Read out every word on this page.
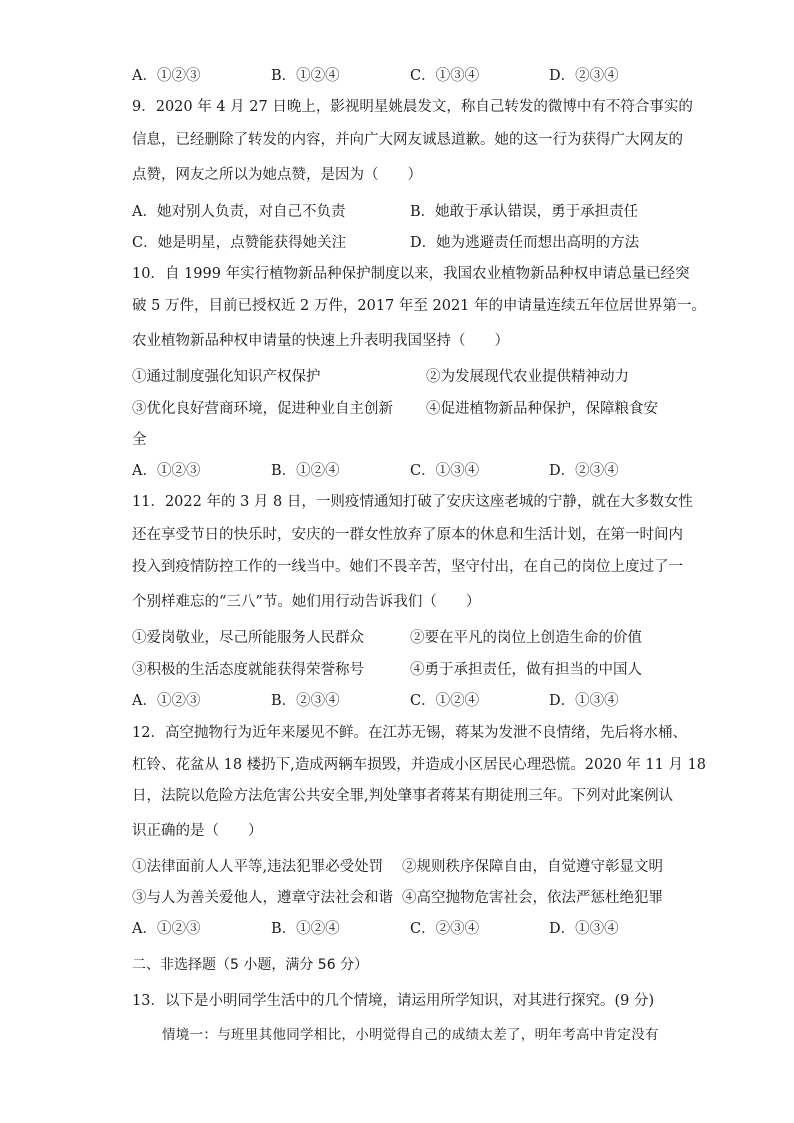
A．①②③	B．①②④	C．①③④	D．②③④
9．2020 年 4 月 27 日晚上，影视明星姚晨发文，称自己转发的微博中有不符合事实的
信息，已经删除了转发的内容，并向广大网友诚恳道歉。她的这一行为获得广大网友的
点赞，网友之所以为她点赞，是因为（　　）
A．她对别人负责，对自己不负责	B．她敢于承认错误，勇于承担责任
C．她是明星，点赞能获得她关注	D．她为逃避责任而想出高明的方法
10．自 1999 年实行植物新品种保护制度以来，我国农业植物新品种权申请总量已经突
破 5 万件，目前已授权近 2 万件，2017 年至 2021 年的申请量连续五年位居世界第一。
农业植物新品种权申请量的快速上升表明我国坚持（　　）
①通过制度强化知识产权保护	②为发展现代农业提供精神动力
③优化良好营商环境，促进种业自主创新 ④促进植物新品种保护，保障粮食安
全
A．①②③	B．①②④	C．①③④	D．②③④
11．2022 年的 3 月 8 日，一则疫情通知打破了安庆这座老城的宁静，就在大多数女性
还在享受节日的快乐时，安庆的一群女性放弃了原本的休息和生活计划，在第一时间内
投入到疫情防控工作的一线当中。她们不畏辛苦，坚守付出，在自己的岗位上度过了一
个别样难忘的“三八”节。她们用行动告诉我们（　　）
①爱岗敬业，尽己所能服务人民群众	②要在平凡的岗位上创造生命的价值
③积极的生活态度就能获得荣誉称号	④勇于承担责任，做有担当的中国人
A．①②③	B．②③④	C．①②④	D．①③④
12．高空抛物行为近年来屡见不鲜。在江苏无锡，蒋某为发泄不良情绪，先后将水桶、
杠铃、花盆从 18 楼扔下,造成两辆车损毁，并造成小区居民心理恐慌。2020 年 11 月 18
日，法院以危险方法危害公共安全罪,判处肇事者蒋某有期徒刑三年。下列对此案例认
识正确的是（　　）
①法律面前人人平等,违法犯罪必受处罚 ②规则秩序保障自由，自觉遵守彰显文明
③与人为善关爱他人，遵章守法社会和谐 ④高空抛物危害社会，依法严惩杜绝犯罪
A．①②③	B．①②④	C．②③④	D．①③④
二、非选择题（5 小题，满分 56 分）
13．以下是小明同学生活中的几个情境，请运用所学知识，对其进行探究。(9 分)
情境一：与班里其他同学相比，小明觉得自己的成绩太差了，明年考高中肯定没有
